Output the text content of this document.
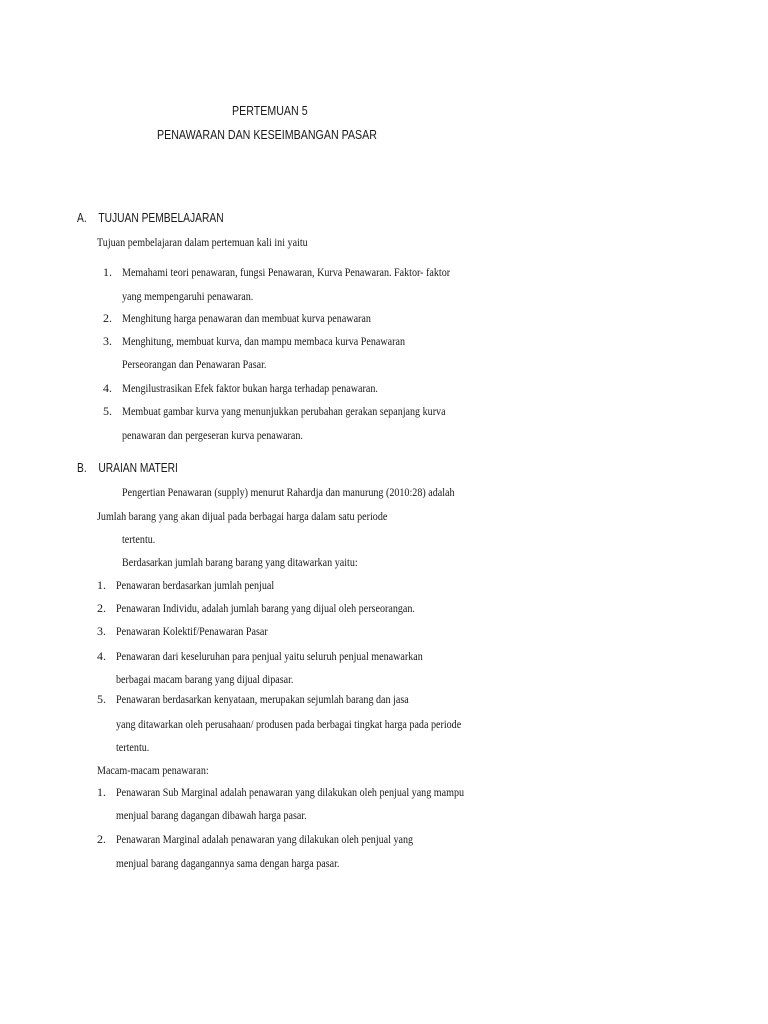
PERTEMUAN 5
PENAWARAN DAN KESEIMBANGAN PASAR
A. TUJUAN PEMBELAJARAN
Tujuan pembelajaran dalam pertemuan kali ini yaitu
1. Memahami teori penawaran, fungsi Penawaran, Kurva Penawaran. Faktor- faktor
yang mempengaruhi penawaran.
2. Menghitung harga penawaran dan membuat kurva penawaran
3. Menghitung, membuat kurva, dan mampu membaca kurva Penawaran
Perseorangan dan Penawaran Pasar.
4. Mengilustrasikan Efek faktor bukan harga terhadap penawaran.
5. Membuat gambar kurva yang menunjukkan perubahan gerakan sepanjang kurva
penawaran dan pergeseran kurva penawaran.
B. URAIAN MATERI
Pengertian Penawaran (supply) menurut Rahardja dan manurung (2010:28) adalah
Jumlah barang yang akan dijual pada berbagai harga dalam satu periode
tertentu.
Berdasarkan jumlah barang barang yang ditawarkan yaitu:
1. Penawaran berdasarkan jumlah penjual
2. Penawaran Individu, adalah jumlah barang yang dijual oleh perseorangan.
3. Penawaran Kolektif/Penawaran Pasar
4. Penawaran dari keseluruhan para penjual yaitu seluruh penjual menawarkan
berbagai macam barang yang dijual dipasar.
5. Penawaran berdasarkan kenyataan, merupakan sejumlah barang dan jasa
yang ditawarkan oleh perusahaan/ produsen pada berbagai tingkat harga pada periode
tertentu.
Macam-macam penawaran:
1. Penawaran Sub Marginal adalah penawaran yang dilakukan oleh penjual yang mampu
menjual barang dagangan dibawah harga pasar.
2. Penawaran Marginal adalah penawaran yang dilakukan oleh penjual yang
menjual barang dagangannya sama dengan harga pasar.
